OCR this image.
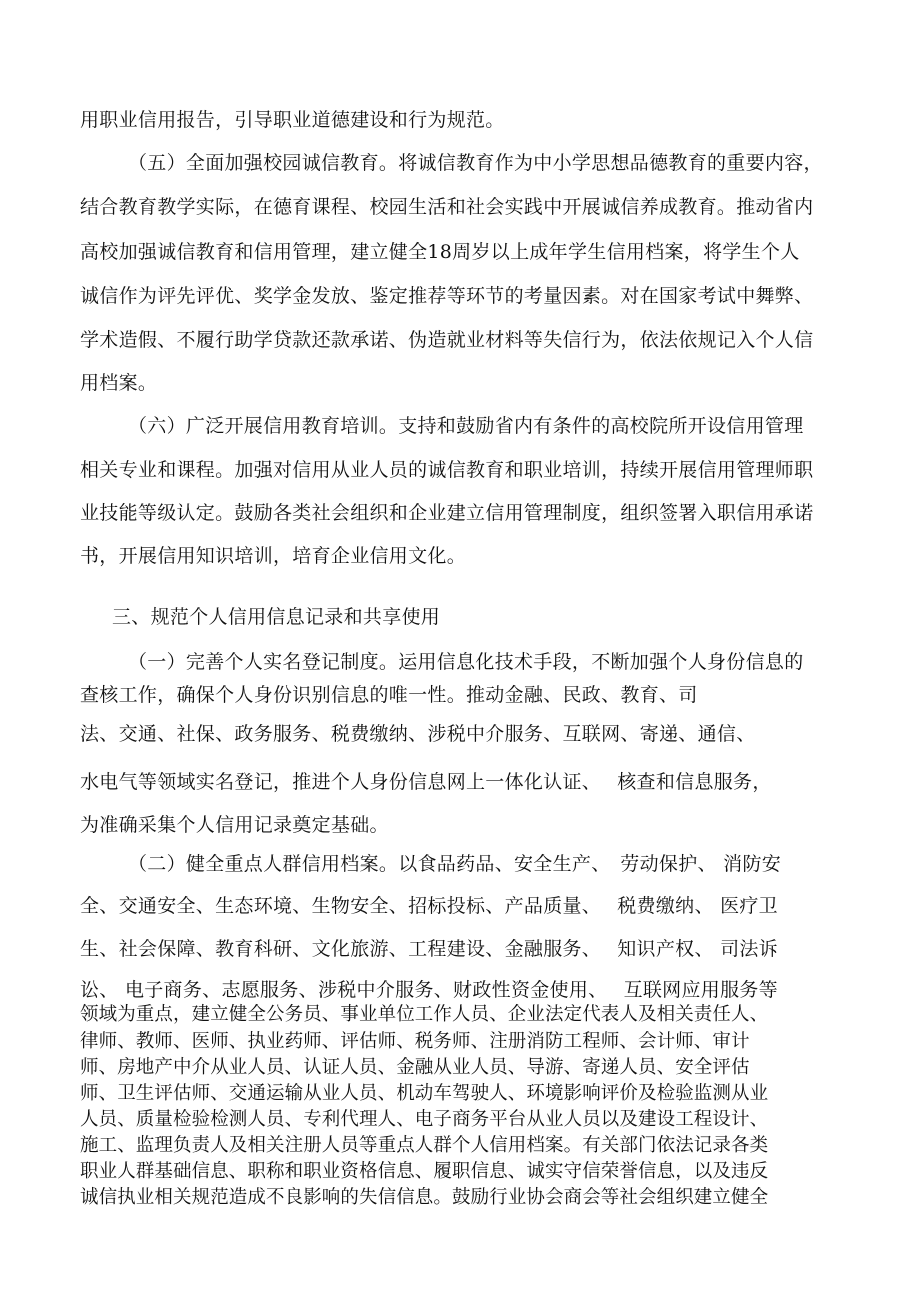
用职业信用报告，引导职业道德建设和行为规范。
（五）全面加强校园诚信教育。将诚信教育作为中小学思想品德教育的重要内容，
结合教育教学实际，在德育课程、校园生活和社会实践中开展诚信养成教育。推动省内
高校加强诚信教育和信用管理，建立健全18周岁以上成年学生信用档案，将学生个人
诚信作为评先评优、奖学金发放、鉴定推荐等环节的考量因素。对在国家考试中舞弊、
学术造假、不履行助学贷款还款承诺、伪造就业材料等失信行为，依法依规记入个人信
用档案。
（六）广泛开展信用教育培训。支持和鼓励省内有条件的高校院所开设信用管理
相关专业和课程。加强对信用从业人员的诚信教育和职业培训，持续开展信用管理师职
业技能等级认定。鼓励各类社会组织和企业建立信用管理制度，组织签署入职信用承诺
书，开展信用知识培训，培育企业信用文化。
三、规范个人信用信息记录和共享使用
（一）完善个人实名登记制度。运用信息化技术手段，不断加强个人身份信息的
查核工作，确保个人身份识别信息的唯一性。推动金融、民政、教育、司
法、交通、社保、政务服务、税费缴纳、涉税中介服务、互联网、寄递、通信、
水电气等领域实名登记，推进个人身份信息网上一体化认证、　 核查和信息服务，
为准确采集个人信用记录奠定基础。
（二）健全重点人群信用档案。以食品药品、安全生产、　劳动保护、 消防安
全、交通安全、生态环境、生物安全、招标投标、产品质量、　 税费缴纳、 医疗卫
生、社会保障、教育科研、文化旅游、工程建设、金融服务、　 知识产权、 司法诉
讼、 电子商务、志愿服务、涉税中介服务、财政性资金使用、　 互联网应用服务等
领域为重点，建立健全公务员、事业单位工作人员、企业法定代表人及相关责任人、
律师、教师、医师、执业药师、评估师、税务师、注册消防工程师、会计师、审计
师、房地产中介从业人员、认证人员、金融从业人员、导游、寄递人员、安全评估
师、卫生评估师、交通运输从业人员、机动车驾驶人、环境影响评价及检验监测从业
人员、质量检验检测人员、专利代理人、电子商务平台从业人员以及建设工程设计、
施工、监理负责人及相关注册人员等重点人群个人信用档案。有关部门依法记录各类
职业人群基础信息、职称和职业资格信息、履职信息、诚实守信荣誉信息，以及违反
诚信执业相关规范造成不良影响的失信信息。鼓励行业协会商会等社会组织建立健全
